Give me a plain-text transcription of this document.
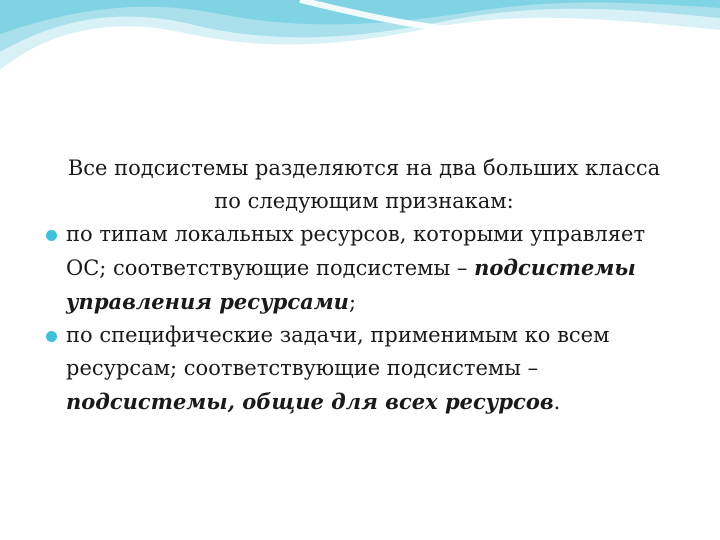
Все подсистемы разделяются на два больших класса
по следующим признакам:

по типам локальных ресурсов, которыми управляет ОС; соответствующие подсистемы – подсистемы управления ресурсами;
по специфические задачи, применимым ко всем ресурсам; соответствующие подсистемы – подсистемы, общие для всех ресурсов.
